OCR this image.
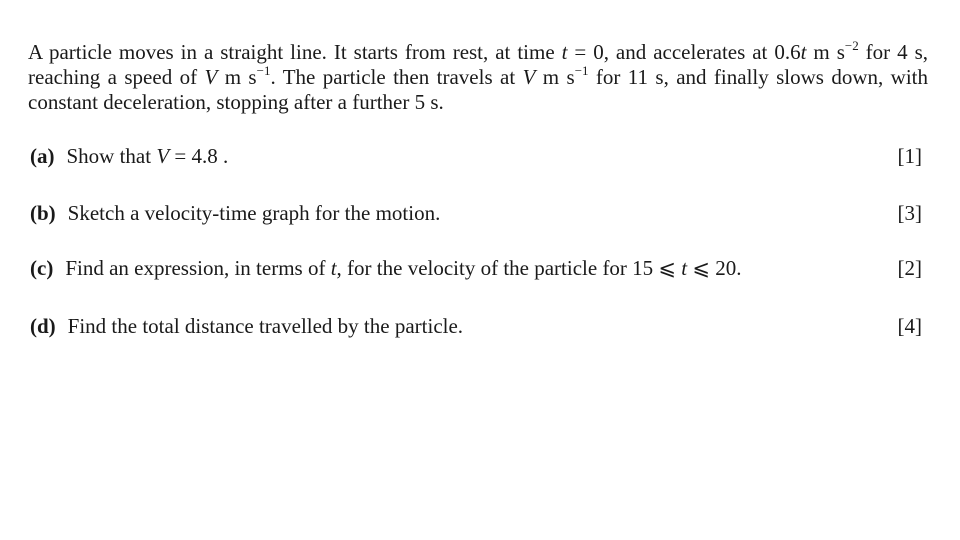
A particle moves in a straight line. It starts from rest, at time t = 0, and accelerates at 0.6t m $s^{-2}$ for 4 s,
reaching a speed of V m $s^{-1}$. The particle then travels at V m $s^{-1}$ for 11 s, and finally slows down, with
constant deceleration, stopping after a further 5 s.
(a) Show that V = 4.8 .	[1]
(b) Sketch a velocity-time graph for the motion.	[3]
(c) Find an expression, in terms of t, for the velocity of the particle for 15 ⩽ t ⩽ 20.	[2]
(d) Find the total distance travelled by the particle.	[4]
